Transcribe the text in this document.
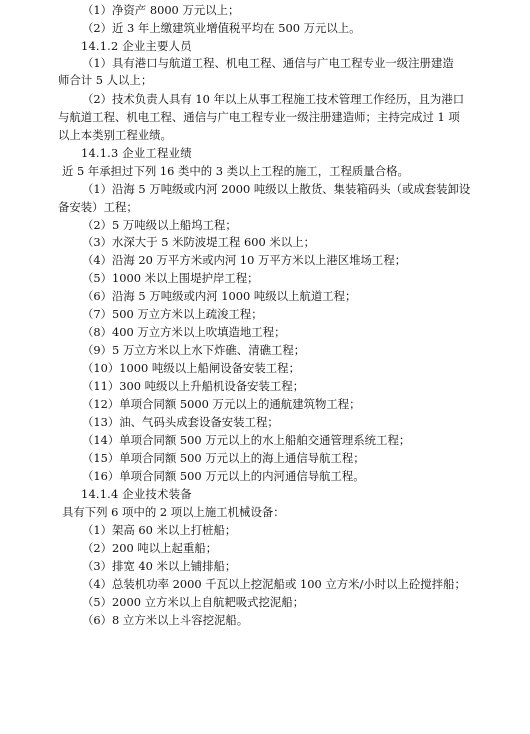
（1）净资产 8000 万元以上；
（2）近 3 年上缴建筑业增值税平均在 500 万元以上。
14.1.2 企业主要人员
（1）具有港口与航道工程、机电工程、通信与广电工程专业一级注册建造
师合计 5 人以上；
（2）技术负责人具有 10 年以上从事工程施工技术管理工作经历，且为港口
与航道工程、机电工程、通信与广电工程专业一级注册建造师；主持完成过 1 项
以上本类别工程业绩。
14.1.3 企业工程业绩
近 5 年承担过下列 16 类中的 3 类以上工程的施工，工程质量合格。
（1）沿海 5 万吨级或内河 2000 吨级以上散货、集装箱码头（或成套装卸设
备安装）工程；
（2）5 万吨级以上船坞工程；
（3）水深大于 5 米防波堤工程 600 米以上；
（4）沿海 20 万平方米或内河 10 万平方米以上港区堆场工程；
（5）1000 米以上围堤护岸工程；
（6）沿海 5 万吨级或内河 1000 吨级以上航道工程；
（7）500 万立方米以上疏浚工程；
（8）400 万立方米以上吹填造地工程；
（9）5 万立方米以上水下炸礁、清礁工程；
（10）1000 吨级以上船闸设备安装工程；
（11）300 吨级以上升船机设备安装工程；
（12）单项合同额 5000 万元以上的通航建筑物工程；
（13）油、气码头成套设备安装工程；
（14）单项合同额 500 万元以上的水上船舶交通管理系统工程；
（15）单项合同额 500 万元以上的海上通信导航工程；
（16）单项合同额 500 万元以上的内河通信导航工程。
14.1.4 企业技术装备
具有下列 6 项中的 2 项以上施工机械设备：
（1）架高 60 米以上打桩船；
（2）200 吨以上起重船；
（3）排宽 40 米以上铺排船；
（4）总装机功率 2000 千瓦以上挖泥船或 100 立方米/小时以上砼搅拌船；
（5）2000 立方米以上自航耙吸式挖泥船；
（6）8 立方米以上斗容挖泥船。
